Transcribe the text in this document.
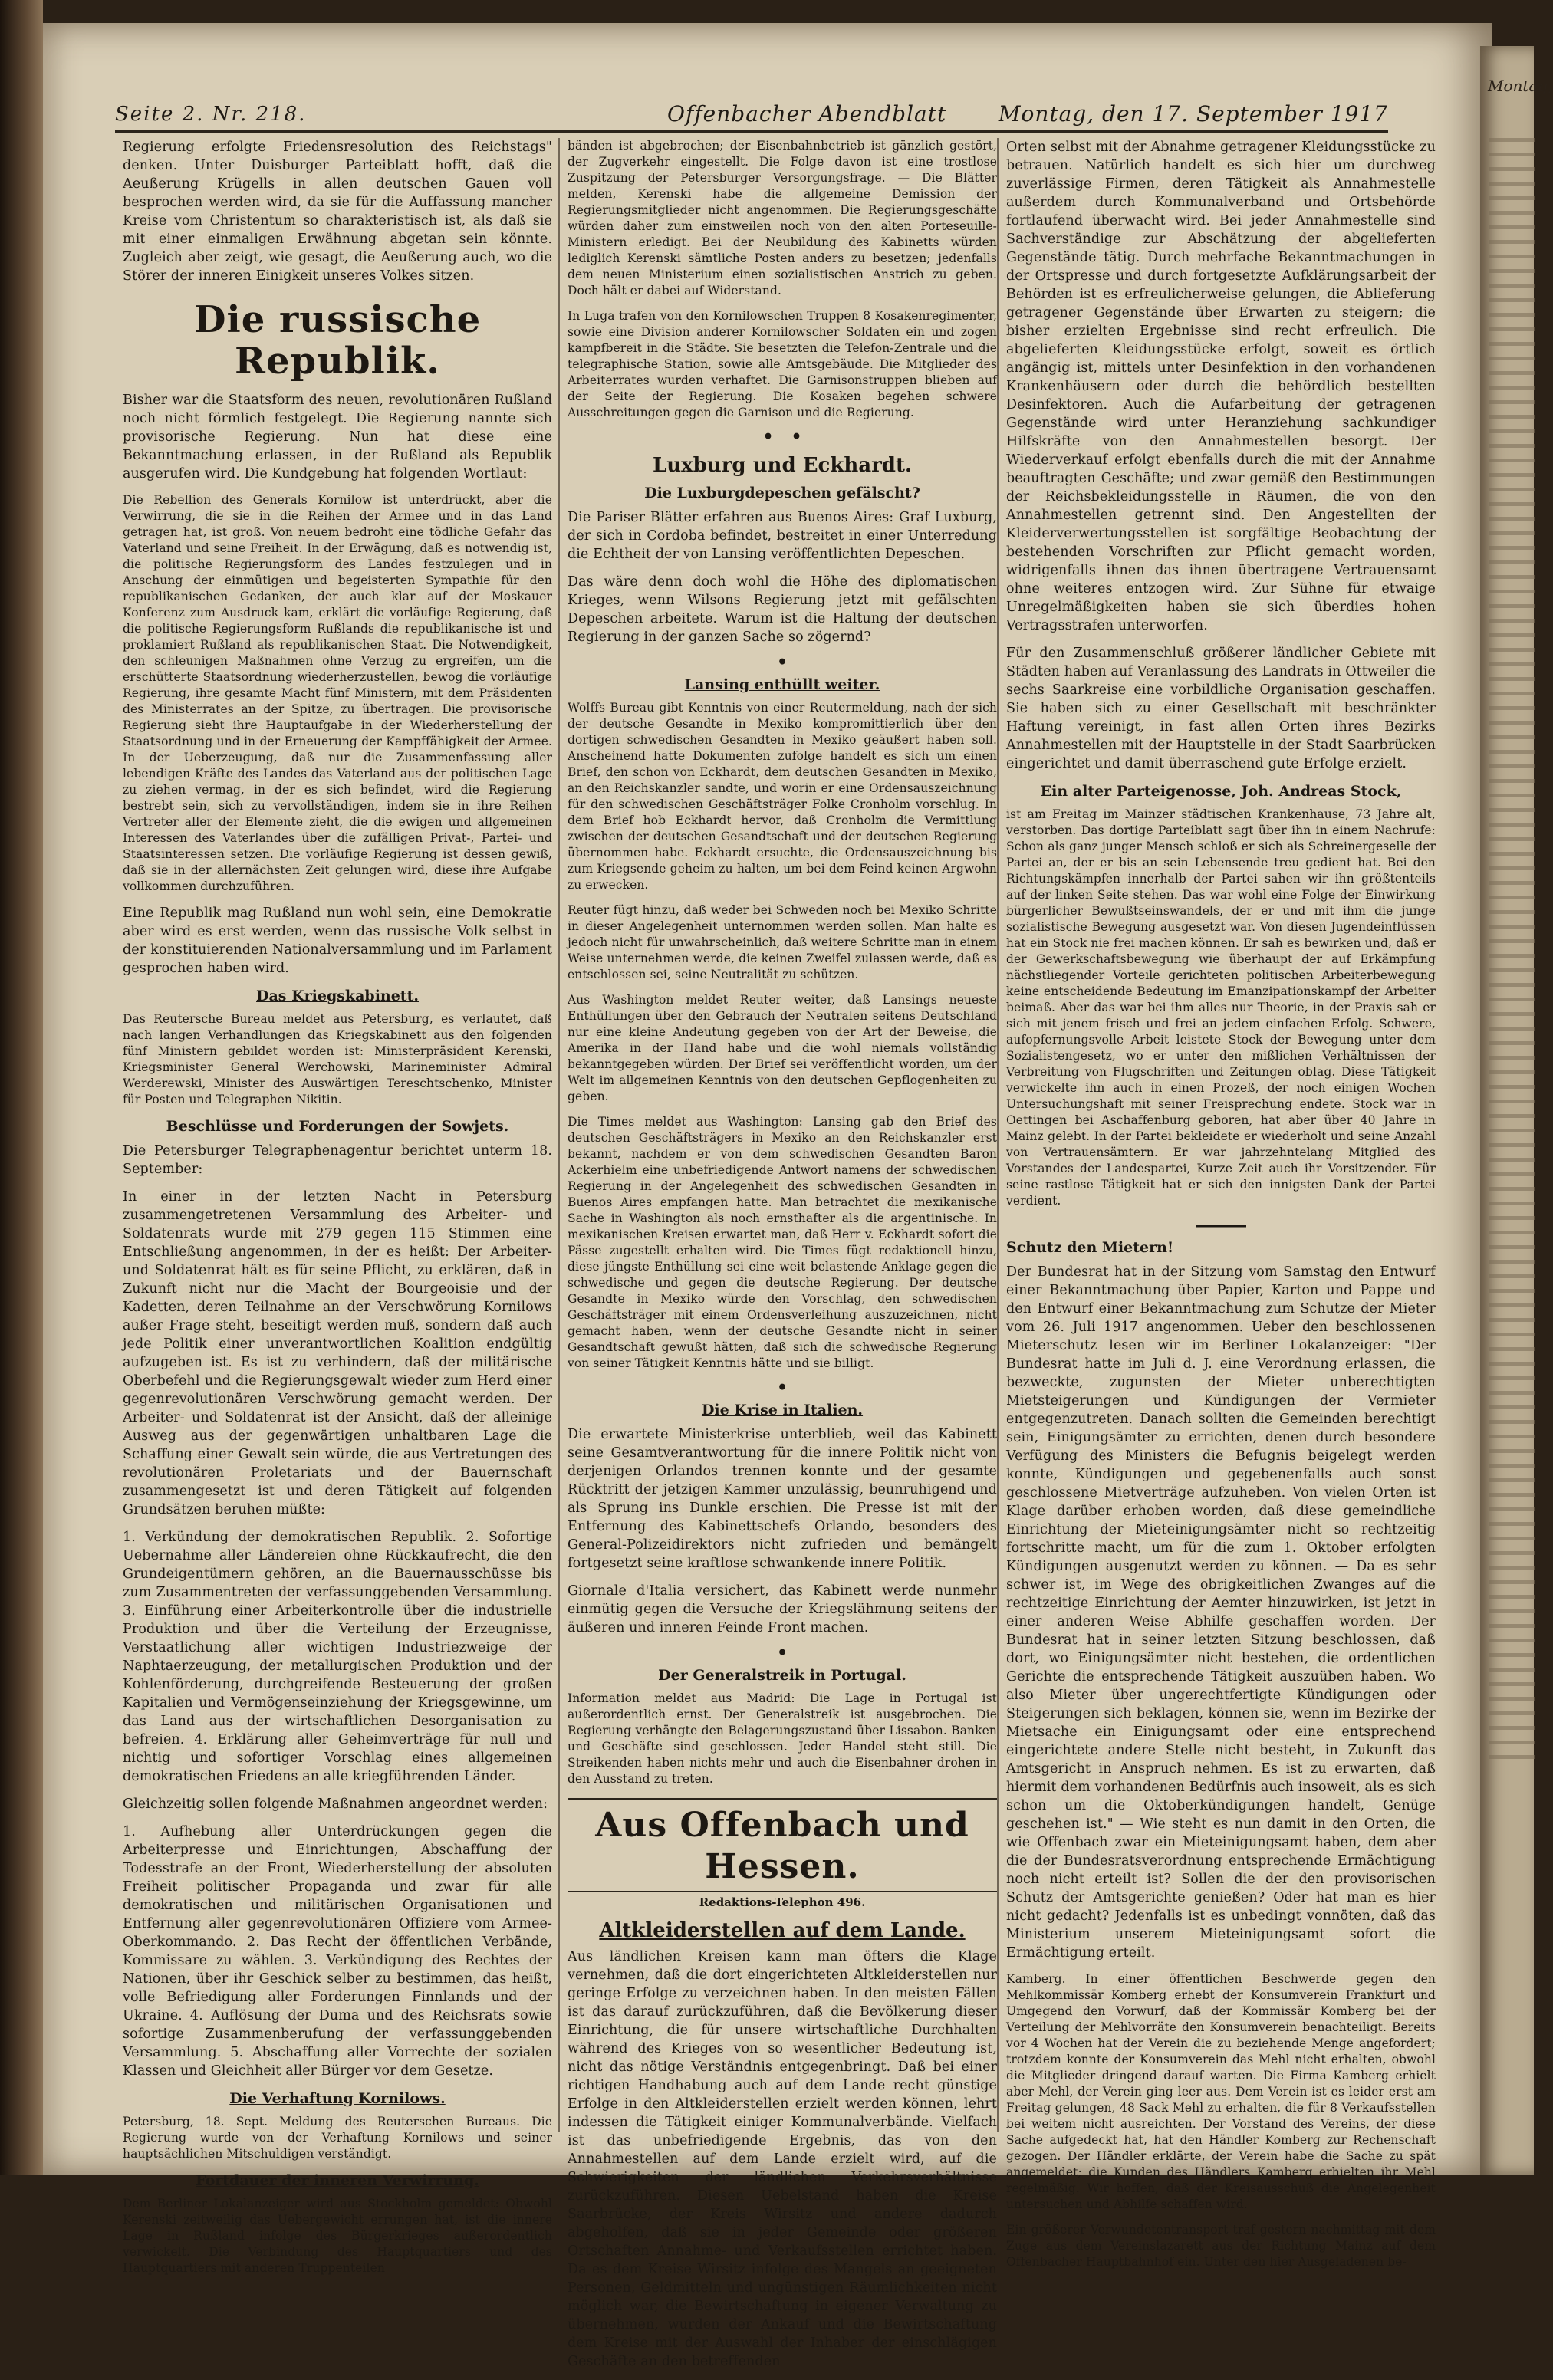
Seite 2. Nr. 218.	Offenbacher Abendblatt Montag, den 17. September 1917

Regierung erfolgte Friedensresolution des Reichstags" denken. Unter Duisburger Parteiblatt hofft, daß die Aeußerung Krügells in allen deutschen Gauen voll besprochen werden wird, da sie für die Auffassung mancher Kreise vom Christentum so charakteristisch ist, als daß sie mit einer einmaligen Erwähnung abgetan sein könnte. Zugleich aber zeigt, wie gesagt, die Aeußerung auch, wo die Störer der inneren Einigkeit unseres Volkes sitzen.

Die russische Republik.

Bisher war die Staatsform des neuen, revolutionären Rußland noch nicht förmlich festgelegt. Die Regierung nannte sich provisorische Regierung. Nun hat diese eine Bekanntmachung erlassen, in der Rußland als Republik ausgerufen wird. Die Kundgebung hat folgenden Wortlaut:

Die Rebellion des Generals Kornilow ist unterdrückt, aber die Verwirrung, die sie in die Reihen der Armee und in das Land getragen hat, ist groß. Von neuem bedroht eine tödliche Gefahr das Vaterland und seine Freiheit. In der Erwägung, daß es notwendig ist, die politische Regierungsform des Landes festzulegen und in Anschung der einmütigen und begeisterten Sympathie für den republikanischen Gedanken, der auch klar auf der Moskauer Konferenz zum Ausdruck kam, erklärt die vorläufige Regierung, daß die politische Regierungsform Rußlands die republikanische ist und proklamiert Rußland als republikanischen Staat. Die Notwendigkeit, den schleunigen Maßnahmen ohne Verzug zu ergreifen, um die erschütterte Staatsordnung wiederherzustellen, bewog die vorläufige Regierung, ihre gesamte Macht fünf Ministern, mit dem Präsidenten des Ministerrates an der Spitze, zu übertragen. Die provisorische Regierung sieht ihre Hauptaufgabe in der Wiederherstellung der Staatsordnung und in der Erneuerung der Kampffähigkeit der Armee. In der Ueberzeugung, daß nur die Zusammenfassung aller lebendigen Kräfte des Landes das Vaterland aus der politischen Lage zu ziehen vermag, in der es sich befindet, wird die Regierung bestrebt sein, sich zu vervollständigen, indem sie in ihre Reihen Vertreter aller der Elemente zieht, die die ewigen und allgemeinen Interessen des Vaterlandes über die zufälligen Privat-, Partei- und Staatsinteressen setzen. Die vorläufige Regierung ist dessen gewiß, daß sie in der allernächsten Zeit gelungen wird, diese ihre Aufgabe vollkommen durchzuführen.

Eine Republik mag Rußland nun wohl sein, eine Demokratie aber wird es erst werden, wenn das russische Volk selbst in der konstituierenden Nationalversammlung und im Parlament gesprochen haben wird.

Das Kriegskabinett.

Das Reutersche Bureau meldet aus Petersburg, es verlautet, daß nach langen Verhandlungen das Kriegskabinett aus den folgenden fünf Ministern gebildet worden ist: Ministerpräsident Kerenski, Kriegsminister General Werchowski, Marineminister Admiral Werderewski, Minister des Auswärtigen Tereschtschenko, Minister für Posten und Telegraphen Nikitin.

Beschlüsse und Forderungen der Sowjets.

Die Petersburger Telegraphenagentur berichtet unterm 18. September:

In einer in der letzten Nacht in Petersburg zusammengetretenen Versammlung des Arbeiter- und Soldatenrats wurde mit 279 gegen 115 Stimmen eine Entschließung angenommen, in der es heißt: Der Arbeiter- und Soldatenrat hält es für seine Pflicht, zu erklären, daß in Zukunft nicht nur die Macht der Bourgeoisie und der Kadetten, deren Teilnahme an der Verschwörung Kornilows außer Frage steht, beseitigt werden muß, sondern daß auch jede Politik einer unverantwortlichen Koalition endgültig aufzugeben ist. Es ist zu verhindern, daß der militärische Oberbefehl und die Regierungsgewalt wieder zum Herd einer gegenrevolutionären Verschwörung gemacht werden. Der Arbeiter- und Soldatenrat ist der Ansicht, daß der alleinige Ausweg aus der gegenwärtigen unhaltbaren Lage die Schaffung einer Gewalt sein würde, die aus Vertretungen des revolutionären Proletariats und der Bauernschaft zusammengesetzt ist und deren Tätigkeit auf folgenden Grundsätzen beruhen müßte:

1. Verkündung der demokratischen Republik. 2. Sofortige Uebernahme aller Ländereien ohne Rückkaufrecht, die den Grundeigentümern gehören, an die Bauernausschüsse bis zum Zusammentreten der verfassunggebenden Versammlung. 3. Einführung einer Arbeiterkontrolle über die industrielle Produktion und über die Verteilung der Erzeugnisse, Verstaatlichung aller wichtigen Industriezweige der Naphtaerzeugung, der metallurgischen Produktion und der Kohlenförderung, durchgreifende Besteuerung der großen Kapitalien und Vermögenseinziehung der Kriegsgewinne, um das Land aus der wirtschaftlichen Desorganisation zu befreien. 4. Erklärung aller Geheimverträge für null und nichtig und sofortiger Vorschlag eines allgemeinen demokratischen Friedens an alle kriegführenden Länder.

Gleichzeitig sollen folgende Maßnahmen angeordnet werden:

1. Aufhebung aller Unterdrückungen gegen die Arbeiterpresse und Einrichtungen, Abschaffung der Todesstrafe an der Front, Wiederherstellung der absoluten Freiheit politischer Propaganda und zwar für alle demokratischen und militärischen Organisationen und Entfernung aller gegenrevolutionären Offiziere vom Armee-Oberkommando. 2. Das Recht der öffentlichen Verbände, Kommissare zu wählen. 3. Verkündigung des Rechtes der Nationen, über ihr Geschick selber zu bestimmen, das heißt, volle Befriedigung aller Forderungen Finnlands und der Ukraine. 4. Auflösung der Duma und des Reichsrats sowie sofortige Zusammenberufung der verfassunggebenden Versammlung. 5. Abschaffung aller Vorrechte der sozialen Klassen und Gleichheit aller Bürger vor dem Gesetze.

Die Verhaftung Kornilows.

Petersburg, 18. Sept. Meldung des Reuterschen Bureaus. Die Regierung wurde von der Verhaftung Kornilows und seiner hauptsächlichen Mitschuldigen verständigt.

Fortdauer der inneren Verwirrung.

Dem Berliner Lokalanzeiger wird aus Stockholm gemeldet: Obwohl Kerenski zeitweilig das Uebergewicht errungen hat, ist die innere Lage in Rußland infolge des Bürgerkrieges außerordentlich verwickelt. Die Verbindung des Hauptquartiers und des Hauptquartiers mit anderen Truppenteilen

bänden ist abgebrochen; der Eisenbahnbetrieb ist gänzlich gestört, der Zugverkehr eingestellt. Die Folge davon ist eine trostlose Zuspitzung der Petersburger Versorgungsfrage. — Die Blätter melden, Kerenski habe die allgemeine Demission der Regierungsmitglieder nicht angenommen. Die Regierungsgeschäfte würden daher zum einstweilen noch von den alten Porteseuille-Ministern erledigt. Bei der Neubildung des Kabinetts würden lediglich Kerenski sämtliche Posten anders zu besetzen; jedenfalls dem neuen Ministerium einen sozialistischen Anstrich zu geben. Doch hält er dabei auf Widerstand.

In Luga trafen von den Kornilowschen Truppen 8 Kosakenregimenter, sowie eine Division anderer Kornilowscher Soldaten ein und zogen kampfbereit in die Städte. Sie besetzten die Telefon-Zentrale und die telegraphische Station, sowie alle Amtsgebäude. Die Mitglieder des Arbeiterrates wurden verhaftet. Die Garnisonstruppen blieben auf der Seite der Regierung. Die Kosaken begehen schwere Ausschreitungen gegen die Garnison und die Regierung.

•   •
Luxburg und Eckhardt.
Die Luxburgdepeschen gefälscht?

Die Pariser Blätter erfahren aus Buenos Aires: Graf Luxburg, der sich in Cordoba befindet, bestreitet in einer Unterredung die Echtheit der von Lansing veröffentlichten Depeschen.

Das wäre denn doch wohl die Höhe des diplomatischen Krieges, wenn Wilsons Regierung jetzt mit gefälschten Depeschen arbeitete. Warum ist die Haltung der deutschen Regierung in der ganzen Sache so zögernd?

•
Lansing enthüllt weiter.

Wolffs Bureau gibt Kenntnis von einer Reutermeldung, nach der sich der deutsche Gesandte in Mexiko kompromittierlich über den dortigen schwedischen Gesandten in Mexiko geäußert haben soll. Anscheinend hatte Dokumenten zufolge handelt es sich um einen Brief, den schon von Eckhardt, dem deutschen Gesandten in Mexiko, an den Reichskanzler sandte, und worin er eine Ordensauszeichnung für den schwedischen Geschäftsträger Folke Cronholm vorschlug. In dem Brief hob Eckhardt hervor, daß Cronholm die Vermittlung zwischen der deutschen Gesandtschaft und der deutschen Regierung übernommen habe. Eckhardt ersuchte, die Ordensauszeichnung bis zum Kriegsende geheim zu halten, um bei dem Feind keinen Argwohn zu erwecken.

Reuter fügt hinzu, daß weder bei Schweden noch bei Mexiko Schritte in dieser Angelegenheit unternommen werden sollen. Man halte es jedoch nicht für unwahrscheinlich, daß weitere Schritte man in einem Weise unternehmen werde, die keinen Zweifel zulassen werde, daß es entschlossen sei, seine Neutralität zu schützen.

Aus Washington meldet Reuter weiter, daß Lansings neueste Enthüllungen über den Gebrauch der Neutralen seitens Deutschland nur eine kleine Andeutung gegeben von der Art der Beweise, die Amerika in der Hand habe und die wohl niemals vollständig bekanntgegeben würden. Der Brief sei veröffentlicht worden, um der Welt im allgemeinen Kenntnis von den deutschen Gepflogenheiten zu geben.

Die Times meldet aus Washington: Lansing gab den Brief des deutschen Geschäftsträgers in Mexiko an den Reichskanzler erst bekannt, nachdem er von dem schwedischen Gesandten Baron Ackerhielm eine unbefriedigende Antwort namens der schwedischen Regierung in der Angelegenheit des schwedischen Gesandten in Buenos Aires empfangen hatte. Man betrachtet die mexikanische Sache in Washington als noch ernsthafter als die argentinische. In mexikanischen Kreisen erwartet man, daß Herr v. Eckhardt sofort die Pässe zugestellt erhalten wird. Die Times fügt redaktionell hinzu, diese jüngste Enthüllung sei eine weit belastende Anklage gegen die schwedische und gegen die deutsche Regierung. Der deutsche Gesandte in Mexiko würde den Vorschlag, den schwedischen Geschäftsträger mit einem Ordensverleihung auszuzeichnen, nicht gemacht haben, wenn der deutsche Gesandte nicht in seiner Gesandtschaft gewußt hätten, daß sich die schwedische Regierung von seiner Tätigkeit Kenntnis hätte und sie billigt.

•
Die Krise in Italien.

Die erwartete Ministerkrise unterblieb, weil das Kabinett seine Gesamtverantwortung für die innere Politik nicht von derjenigen Orlandos trennen konnte und der gesamte Rücktritt der jetzigen Kammer unzulässig, beunruhigend und als Sprung ins Dunkle erschien. Die Presse ist mit der Entfernung des Kabinettschefs Orlando, besonders des General-Polizeidirektors nicht zufrieden und bemängelt fortgesetzt seine kraftlose schwankende innere Politik.

Giornale d'Italia versichert, das Kabinett werde nunmehr einmütig gegen die Versuche der Kriegslähmung seitens der äußeren und inneren Feinde Front machen.

•
Der Generalstreik in Portugal.

Information meldet aus Madrid: Die Lage in Portugal ist außerordentlich ernst. Der Generalstreik ist ausgebrochen. Die Regierung verhängte den Belagerungszustand über Lissabon. Banken und Geschäfte sind geschlossen. Jeder Handel steht still. Die Streikenden haben nichts mehr und auch die Eisenbahner drohen in den Ausstand zu treten.

Aus Offenbach und Hessen.
Redaktions-Telephon 496.
Altkleiderstellen auf dem Lande.

Aus ländlichen Kreisen kann man öfters die Klage vernehmen, daß die dort eingerichteten Altkleiderstellen nur geringe Erfolge zu verzeichnen haben. In den meisten Fällen ist das darauf zurückzuführen, daß die Bevölkerung dieser Einrichtung, die für unsere wirtschaftliche Durchhalten während des Krieges von so wesentlicher Bedeutung ist, nicht das nötige Verständnis entgegenbringt. Daß bei einer richtigen Handhabung auch auf dem Lande recht günstige Erfolge in den Altkleiderstellen erzielt werden können, lehrt indessen die Tätigkeit einiger Kommunalverbände. Vielfach ist das unbefriedigende Ergebnis, das von den Annahmestellen auf dem Lande erzielt wird, auf die Schwierigkeiten der ländlichen Verkehrsverhältnisse zurückzuführen. Diesen Uebelstand haben die Kreise Saarbrücke, der Kreis Wirsitz und andere dadurch abgeholfen, daß sie in jeder Gemeinde oder größeren Ortschaften Annahme- und Verkaufsstellen errichtet haben. Da es dem Kreise Wirsitz infolge des Mangels an geeigneten Personen, Geldmitteln und ungünstigen Räumlichkeiten nicht möglich war, die Bewirtschaftung in eigener Verwaltung zu übernehmen, wurden der Ankauf und die Bewirtschaftung dem Kreise mit der Auswahl der Inhaber der einschlägigen Geschäfte an den betreffenden

Orten selbst mit der Abnahme getragener Kleidungsstücke zu betrauen. Natürlich handelt es sich hier um durchweg zuverlässige Firmen, deren Tätigkeit als Annahmestelle außerdem durch Kommunalverband und Ortsbehörde fortlaufend überwacht wird. Bei jeder Annahmestelle sind Sachverständige zur Abschätzung der abgelieferten Gegenstände tätig. Durch mehrfache Bekanntmachungen in der Ortspresse und durch fortgesetzte Aufklärungsarbeit der Behörden ist es erfreulicherweise gelungen, die Ablieferung getragener Gegenstände über Erwarten zu steigern; die bisher erzielten Ergebnisse sind recht erfreulich. Die abgelieferten Kleidungsstücke erfolgt, soweit es örtlich angängig ist, mittels unter Desinfektion in den vorhandenen Krankenhäusern oder durch die behördlich bestellten Desinfektoren. Auch die Aufarbeitung der getragenen Gegenstände wird unter Heranziehung sachkundiger Hilfskräfte von den Annahmestellen besorgt. Der Wiederverkauf erfolgt ebenfalls durch die mit der Annahme beauftragten Geschäfte; und zwar gemäß den Bestimmungen der Reichsbekleidungsstelle in Räumen, die von den Annahmestellen getrennt sind. Den Angestellten der Kleiderverwertungsstellen ist sorgfältige Beobachtung der bestehenden Vorschriften zur Pflicht gemacht worden, widrigenfalls ihnen das ihnen übertragene Vertrauensamt ohne weiteres entzogen wird. Zur Sühne für etwaige Unregelmäßigkeiten haben sie sich überdies hohen Vertragsstrafen unterworfen.

Für den Zusammenschluß größerer ländlicher Gebiete mit Städten haben auf Veranlassung des Landrats in Ottweiler die sechs Saarkreise eine vorbildliche Organisation geschaffen. Sie haben sich zu einer Gesellschaft mit beschränkter Haftung vereinigt, in fast allen Orten ihres Bezirks Annahmestellen mit der Hauptstelle in der Stadt Saarbrücken eingerichtet und damit überraschend gute Erfolge erzielt.

Ein alter Parteigenosse, Joh. Andreas Stock,

ist am Freitag im Mainzer städtischen Krankenhause, 73 Jahre alt, verstorben. Das dortige Parteiblatt sagt über ihn in einem Nachrufe: Schon als ganz junger Mensch schloß er sich als Schreinergeselle der Partei an, der er bis an sein Lebensende treu gedient hat. Bei den Richtungskämpfen innerhalb der Partei sahen wir ihn größtenteils auf der linken Seite stehen. Das war wohl eine Folge der Einwirkung bürgerlicher Bewußtseinswandels, der er und mit ihm die junge sozialistische Bewegung ausgesetzt war. Von diesen Jugendeinflüssen hat ein Stock nie frei machen können. Er sah es bewirken und, daß er der Gewerkschaftsbewegung wie überhaupt der auf Erkämpfung nächstliegender Vorteile gerichteten politischen Arbeiterbewegung keine entscheidende Bedeutung im Emanzipationskampf der Arbeiter beimaß. Aber das war bei ihm alles nur Theorie, in der Praxis sah er sich mit jenem frisch und frei an jedem einfachen Erfolg. Schwere, aufopfernungsvolle Arbeit leistete Stock der Bewegung unter dem Sozialistengesetz, wo er unter den mißlichen Verhältnissen der Verbreitung von Flugschriften und Zeitungen oblag. Diese Tätigkeit verwickelte ihn auch in einen Prozeß, der noch einigen Wochen Untersuchungshaft mit seiner Freisprechung endete. Stock war in Oettingen bei Aschaffenburg geboren, hat aber über 40 Jahre in Mainz gelebt. In der Partei bekleidete er wiederholt und seine Anzahl von Vertrauensämtern. Er war jahrzehntelang Mitglied des Vorstandes der Landespartei, Kurze Zeit auch ihr Vorsitzender. Für seine rastlose Tätigkeit hat er sich den innigsten Dank der Partei verdient.

―――
Schutz den Mietern!

Der Bundesrat hat in der Sitzung vom Samstag den Entwurf einer Bekanntmachung über Papier, Karton und Pappe und den Entwurf einer Bekanntmachung zum Schutze der Mieter vom 26. Juli 1917 angenommen. Ueber den beschlossenen Mieterschutz lesen wir im Berliner Lokalanzeiger: "Der Bundesrat hatte im Juli d. J. eine Verordnung erlassen, die bezweckte, zugunsten der Mieter unberechtigten Mietsteigerungen und Kündigungen der Vermieter entgegenzutreten. Danach sollten die Gemeinden berechtigt sein, Einigungsämter zu errichten, denen durch besondere Verfügung des Ministers die Befugnis beigelegt werden konnte, Kündigungen und gegebenenfalls auch sonst geschlossene Mietverträge aufzuheben. Von vielen Orten ist Klage darüber erhoben worden, daß diese gemeindliche Einrichtung der Mieteinigungsämter nicht so rechtzeitig fortschritte macht, um für die zum 1. Oktober erfolgten Kündigungen ausgenutzt werden zu können. — Da es sehr schwer ist, im Wege des obrigkeitlichen Zwanges auf die rechtzeitige Einrichtung der Aemter hinzuwirken, ist jetzt in einer anderen Weise Abhilfe geschaffen worden. Der Bundesrat hat in seiner letzten Sitzung beschlossen, daß dort, wo Einigungsämter nicht bestehen, die ordentlichen Gerichte die entsprechende Tätigkeit auszuüben haben. Wo also Mieter über ungerechtfertigte Kündigungen oder Steigerungen sich beklagen, können sie, wenn im Bezirke der Mietsache ein Einigungsamt oder eine entsprechend eingerichtete andere Stelle nicht besteht, in Zukunft das Amtsgericht in Anspruch nehmen. Es ist zu erwarten, daß hiermit dem vorhandenen Bedürfnis auch insoweit, als es sich schon um die Oktoberkündigungen handelt, Genüge geschehen ist." — Wie steht es nun damit in den Orten, die wie Offenbach zwar ein Mieteinigungsamt haben, dem aber die der Bundesratsverordnung entsprechende Ermächtigung noch nicht erteilt ist? Sollen die der den provisorischen Schutz der Amtsgerichte genießen? Oder hat man es hier nicht gedacht? Jedenfalls ist es unbedingt vonnöten, daß das Ministerium unserem Mieteinigungsamt sofort die Ermächtigung erteilt.

Kamberg. In einer öffentlichen Beschwerde gegen den Mehlkommissär Komberg erhebt der Konsumverein Frankfurt und Umgegend den Vorwurf, daß der Kommissär Komberg bei der Verteilung der Mehlvorräte den Konsumverein benachteiligt. Bereits vor 4 Wochen hat der Verein die zu beziehende Menge angefordert; trotzdem konnte der Konsumverein das Mehl nicht erhalten, obwohl die Mitglieder dringend darauf warten. Die Firma Kamberg erhielt aber Mehl, der Verein ging leer aus. Dem Verein ist es leider erst am Freitag gelungen, 48 Sack Mehl zu erhalten, die für 8 Verkaufsstellen bei weitem nicht ausreichten. Der Vorstand des Vereins, der diese Sache aufgedeckt hat, hat den Händler Komberg zur Rechenschaft gezogen. Der Händler erklärte, der Verein habe die Sache zu spät angemeldet; die Kunden des Händlers Kamberg erhielten ihr Mehl regelmäßig. Wir hoffen, daß der Kreisausschuß die Angelegenheit untersuchen und Abhilfe schaffen wird.

Ein größerer Verwundetentransport traf gestern nachmittag mit dem Zuge aus dem Vereinslazarett aus der Richtung Mainz auf dem Offenbacher Hauptbahnhof ein. Unter den hier Ausgeladenen be-

Montag,
